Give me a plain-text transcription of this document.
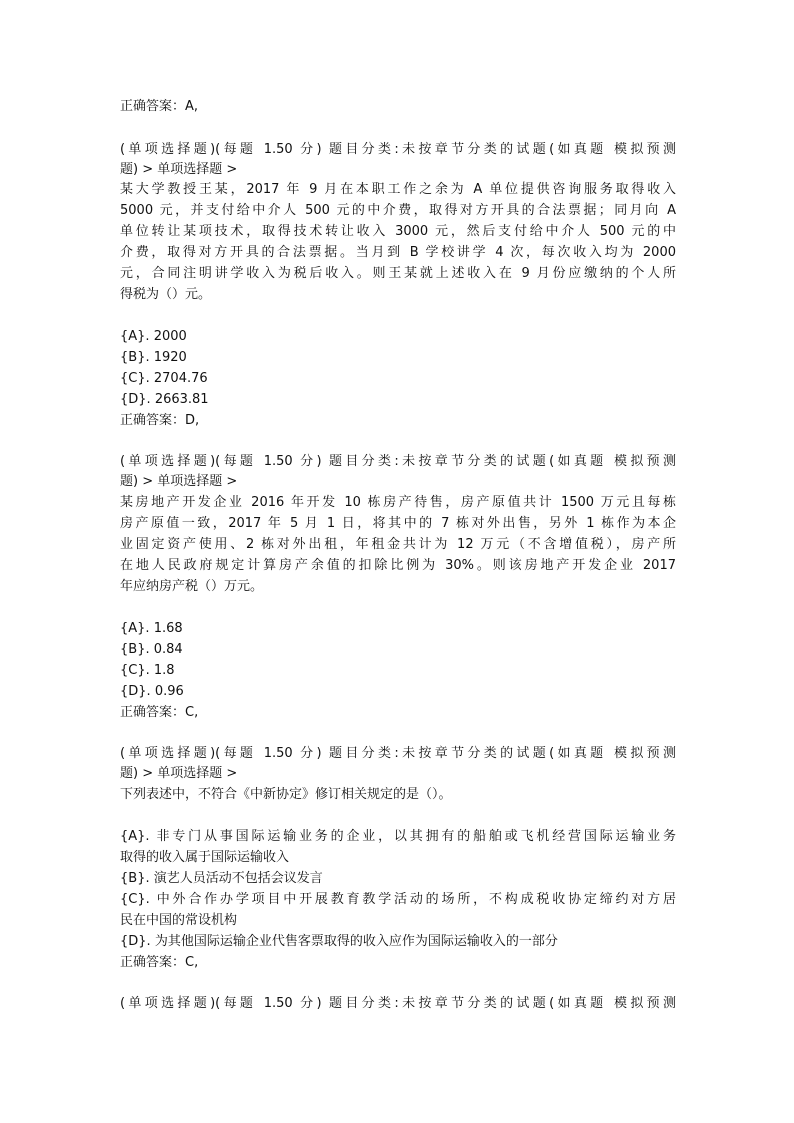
正确答案：A,
(单项选择题)(每题 1.50 分) 题目分类:未按章节分类的试题(如真题 模拟预测
题) > 单项选择题 >
某大学教授王某，2017 年 9 月在本职工作之余为 A 单位提供咨询服务取得收入
5000 元，并支付给中介人 500 元的中介费，取得对方开具的合法票据；同月向 A
单位转让某项技术，取得技术转让收入 3000 元，然后支付给中介人 500 元的中
介费，取得对方开具的合法票据。当月到 B 学校讲学 4 次，每次收入均为 2000
元，合同注明讲学收入为税后收入。则王某就上述收入在 9 月份应缴纳的个人所
得税为（）元。
{A}. 2000
{B}. 1920
{C}. 2704.76
{D}. 2663.81
正确答案：D,
(单项选择题)(每题 1.50 分) 题目分类:未按章节分类的试题(如真题 模拟预测
题) > 单项选择题 >
某房地产开发企业 2016 年开发 10 栋房产待售，房产原值共计 1500 万元且每栋
房产原值一致，2017 年 5 月 1 日，将其中的 7 栋对外出售，另外 1 栋作为本企
业固定资产使用、2 栋对外出租，年租金共计为 12 万元（不含增值税），房产所
在地人民政府规定计算房产余值的扣除比例为 30%。则该房地产开发企业 2017
年应纳房产税（）万元。
{A}. 1.68
{B}. 0.84
{C}. 1.8
{D}. 0.96
正确答案：C,
(单项选择题)(每题 1.50 分) 题目分类:未按章节分类的试题(如真题 模拟预测
题) > 单项选择题 >
下列表述中，不符合《中新协定》修订相关规定的是（）。
{A}. 非专门从事国际运输业务的企业，以其拥有的船舶或飞机经营国际运输业务
取得的收入属于国际运输收入
{B}. 演艺人员活动不包括会议发言
{C}. 中外合作办学项目中开展教育教学活动的场所，不构成税收协定缔约对方居
民在中国的常设机构
{D}. 为其他国际运输企业代售客票取得的收入应作为国际运输收入的一部分
正确答案：C,
(单项选择题)(每题 1.50 分) 题目分类:未按章节分类的试题(如真题 模拟预测
